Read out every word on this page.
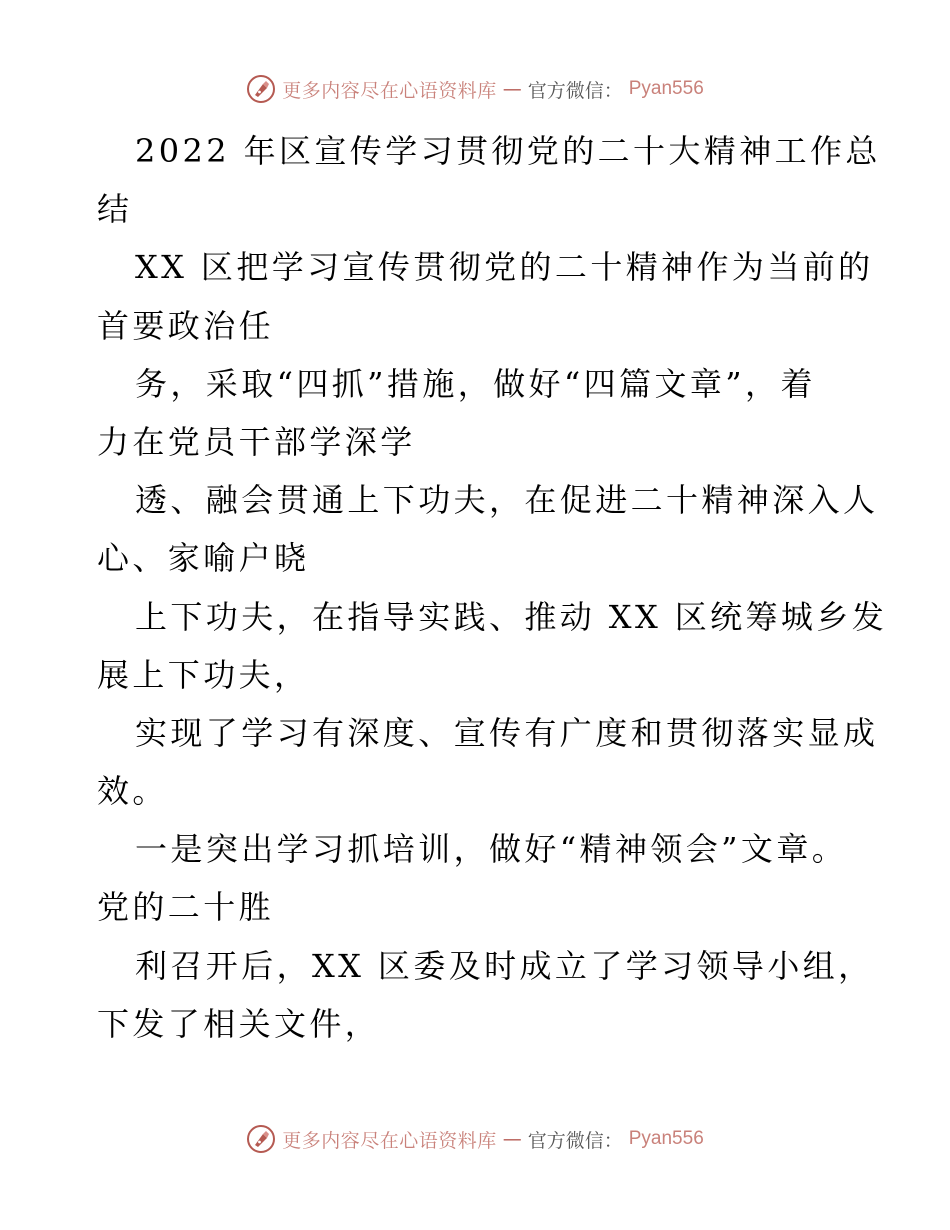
更多内容尽在心语资料库 — 官方微信： Pyan556
2022 年区宣传学习贯彻党的二十大精神工作总
结
XX 区把学习宣传贯彻党的二十精神作为当前的
首要政治任
务，采取“四抓”措施，做好“四篇文章”，着
力在党员干部学深学
透、融会贯通上下功夫，在促进二十精神深入人
心、家喻户晓
上下功夫，在指导实践、推动 XX 区统筹城乡发
展上下功夫，
实现了学习有深度、宣传有广度和贯彻落实显成
效。
一是突出学习抓培训，做好“精神领会”文章。
党的二十胜
利召开后，XX 区委及时成立了学习领导小组，
下发了相关文件，
更多内容尽在心语资料库 — 官方微信： Pyan556
